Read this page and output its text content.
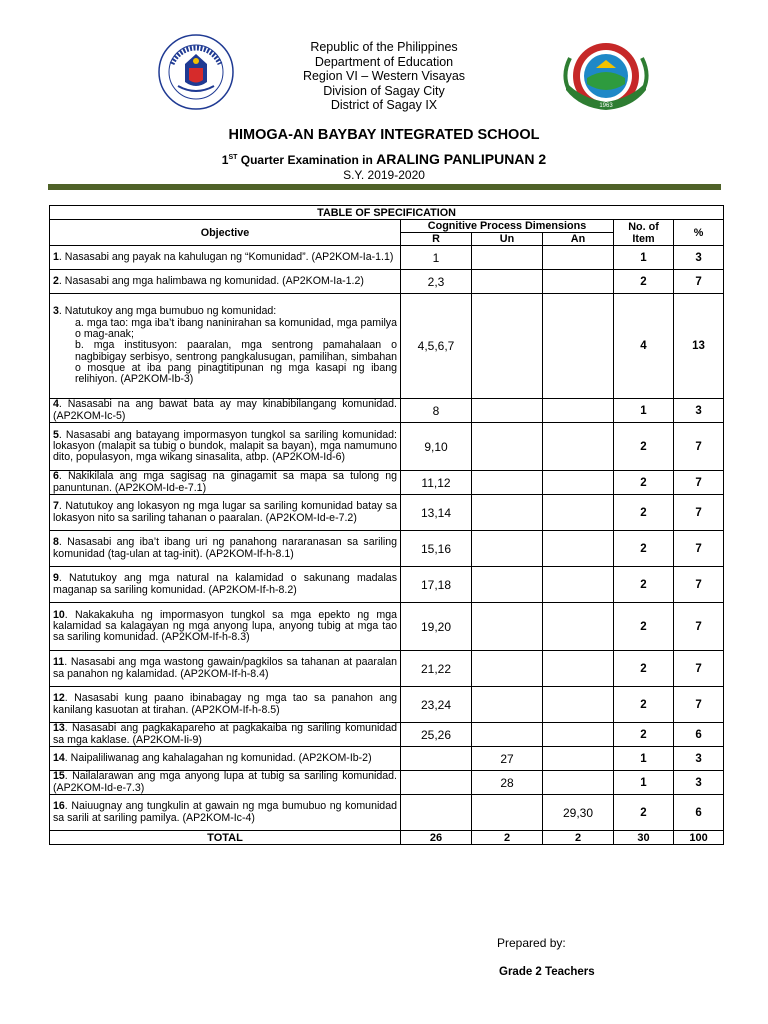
Republic of the Philippines
Department of Education
Region VI – Western Visayas
Division of Sagay City
District of Sagay IX	1963
HIMOGA-AN BAYBAY INTEGRATED SCHOOL
1ST Quarter Examination in ARALING PANLIPUNAN 2
S.Y. 2019-2020
TABLE OF SPECIFICATION					
Objective	Cognitive Process Dimensions			No. of Item	%
	R	Un	An		
1. Nasasabi ang payak na kahulugan ng “Komunidad”. (AP2KOM-Ia-1.1)	1			1	3
2. Nasasabi ang mga halimbawa ng komunidad. (AP2KOM-Ia-1.2)	2,3			2	7
3. Natutukoy ang mga bumubuo ng komunidad:
a. mga tao: mga iba’t ibang naninirahan sa komunidad, mga pamilya o mag-anak;
b. mga institusyon: paaralan, mga sentrong pamahalaan o nagbibigay serbisyo, sentrong pangkalusugan, pamilihan, simbahan o mosque at iba pang pinagtitipunan ng mga kasapi ng ibang relihiyon. (AP2KOM-Ib-3)	4,5,6,7			4	13
4. Nasasabi na ang bawat bata ay may kinabibilangang komunidad. (AP2KOM-Ic-5)	8			1	3
5. Nasasabi ang batayang impormasyon tungkol sa sariling komunidad: lokasyon (malapit sa tubig o bundok, malapit sa bayan), mga namumuno dito, populasyon, mga wikang sinasalita, atbp. (AP2KOM-Id-6)	9,10			2	7
6. Nakikilala ang mga sagisag na ginagamit sa mapa sa tulong ng panuntunan. (AP2KOM-Id-e-7.1)	11,12			2	7
7. Natutukoy ang lokasyon ng mga lugar sa sariling komunidad batay sa lokasyon nito sa sariling tahanan o paaralan. (AP2KOM-Id-e-7.2)	13,14			2	7
8. Nasasabi ang iba’t ibang uri ng panahong nararanasan sa sariling komunidad (tag-ulan at tag-init). (AP2KOM-If-h-8.1)	15,16			2	7
9. Natutukoy ang mga natural na kalamidad o sakunang madalas maganap sa sariling komunidad. (AP2KOM-If-h-8.2)	17,18			2	7
10. Nakakakuha ng impormasyon tungkol sa mga epekto ng mga kalamidad sa kalagayan ng mga anyong lupa, anyong tubig at mga tao sa sariling komunidad. (AP2KOM-If-h-8.3)	19,20			2	7
11. Nasasabi ang mga wastong gawain/pagkilos sa tahanan at paaralan sa panahon ng kalamidad. (AP2KOM-If-h-8.4)	21,22			2	7
12. Nasasabi kung paano ibinabagay ng mga tao sa panahon ang kanilang kasuotan at tirahan. (AP2KOM-If-h-8.5)	23,24			2	7
13. Nasasabi ang pagkakapareho at pagkakaiba ng sariling komunidad sa mga kaklase. (AP2KOM-Ii-9)	25,26			2	6
14. Naipaliliwanag ang kahalagahan ng komunidad. (AP2KOM-Ib-2)		27		1	3
15. Nailalarawan ang mga anyong lupa at tubig sa sariling komunidad. (AP2KOM-Id-e-7.3)		28		1	3
16. Naiuugnay ang tungkulin at gawain ng mga bumubuo ng komunidad sa sarili at sariling pamilya. (AP2KOM-Ic-4)			29,30	2	6
TOTAL	26	2	2	30	100
Prepared by:
Grade 2 Teachers
